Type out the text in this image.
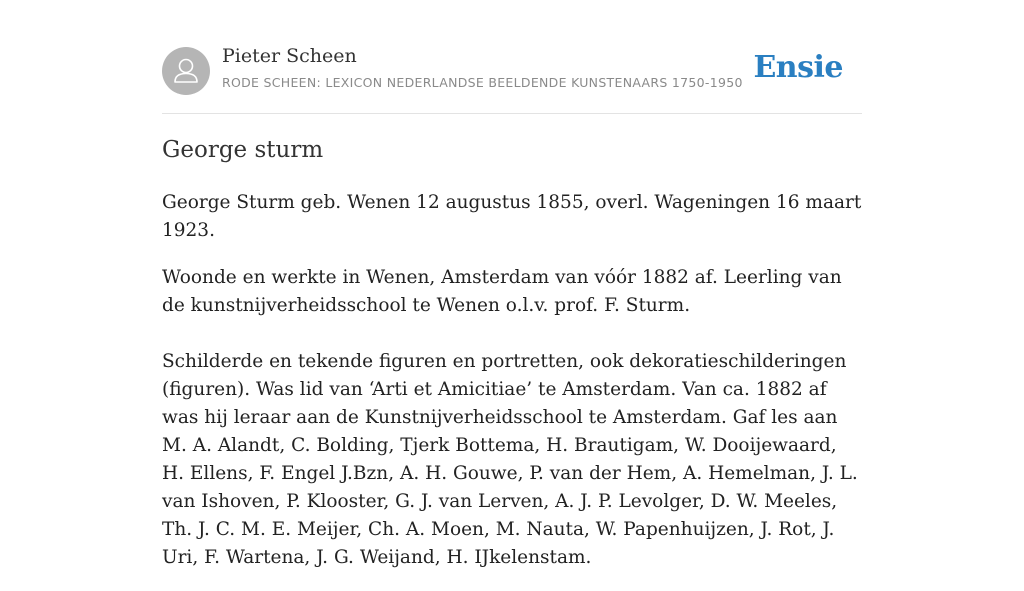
Pieter Scheen
RODE SCHEEN: LEXICON NEDERLANDSE BEELDENDE KUNSTENAARS 1750-1950 Ensie
George sturm

George Sturm geb. Wenen 12 augustus 1855, overl. Wageningen 16 maart 1923.

Woonde en werkte in Wenen, Amsterdam van vóór 1882 af. Leerling van de kunstnijverheidsschool te Wenen o.l.v. prof. F. Sturm.

Schilderde en tekende figuren en portretten, ook dekoratieschilderingen (figuren). Was lid van ‘Arti et Amicitiae’ te Amsterdam. Van ca. 1882 af was hij leraar aan de Kunstnijverheidsschool te Amsterdam. Gaf les aan M. A. Alandt, C. Bolding, Tjerk Bottema, H. Brautigam, W. Dooijewaard, H. Ellens, F. Engel J.Bzn, A. H. Gouwe, P. van der Hem, A. Hemelman, J. L. van Ishoven, P. Klooster, G. J. van Lerven, A. J. P. Levolger, D. W. Meeles, Th. J. C. M. E. Meijer, Ch. A. Moen, M. Nauta, W. Papenhuijzen, J. Rot, J. Uri, F. Wartena, J. G. Weijand, H. IJkelenstam.
